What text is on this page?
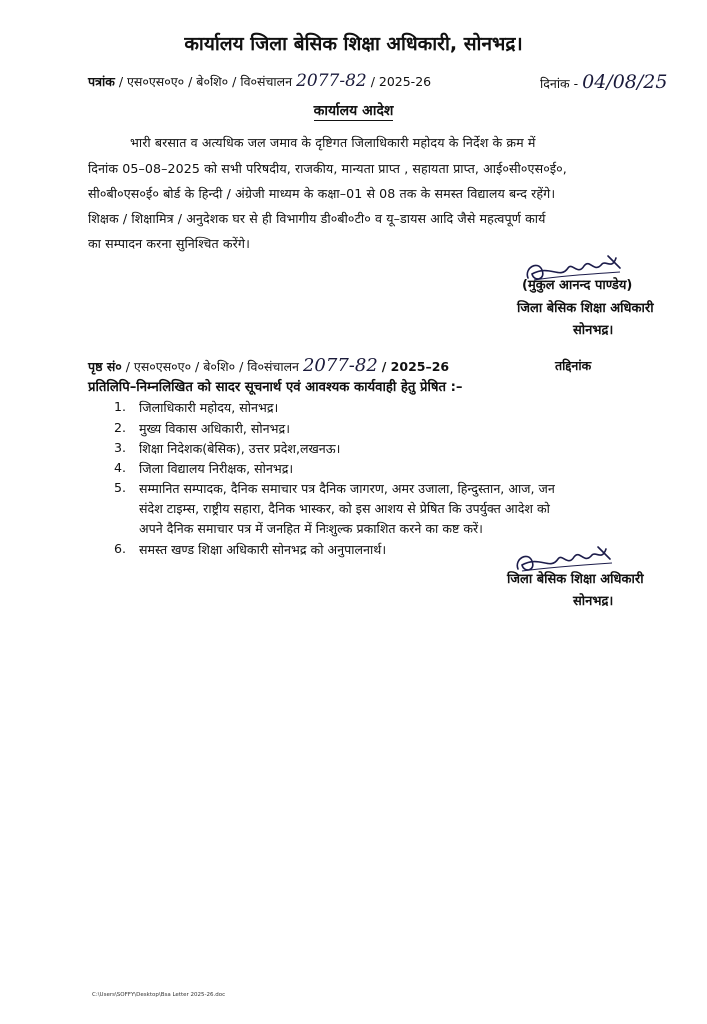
कार्यालय जिला बेसिक शिक्षा अधिकारी, सोनभद्र।
पत्रांक / एस०एस०ए० / बे०शि० / वि०संचालन 2077-82 / 2025-26	दिनांक - 04/08/25
कार्यालय आदेश
भारी बरसात व अत्यधिक जल जमाव के दृष्टिगत जिलाधिकारी महोदय के निर्देश के क्रम में
दिनांक 05–08–2025 को सभी परिषदीय, राजकीय, मान्यता प्राप्त , सहायता प्राप्त, आई०सी०एस०ई०,
सी०बी०एस०ई० बोर्ड के हिन्दी / अंग्रेजी माध्यम के कक्षा–01 से 08 तक के समस्त विद्यालय बन्द रहेंगे।
शिक्षक / शिक्षामित्र / अनुदेशक घर से ही विभागीय डी०बी०टी० व यू–डायस आदि जैसे महत्वपूर्ण कार्य
का सम्पादन करना सुनिश्चित करेंगे।
(मुकुल आनन्द पाण्डेय)
जिला बेसिक शिक्षा अधिकारी
सोनभद्र।
पृष्ठ सं० / एस०एस०ए० / बे०शि० / वि०संचालन 2077-82 / 2025–26	तद्दिनांक
प्रतिलिपि–निम्नलिखित को सादर सूचनार्थ एवं आवश्यक कार्यवाही हेतु प्रेषित :–
1. जिलाधिकारी महोदय, सोनभद्र।
2. मुख्य विकास अधिकारी, सोनभद्र।
3. शिक्षा निदेशक(बेसिक), उत्तर प्रदेश,लखनऊ।
4. जिला विद्यालय निरीक्षक, सोनभद्र।
5. सम्मानित सम्पादक, दैनिक समाचार पत्र दैनिक जागरण, अमर उजाला, हिन्दुस्तान, आज, जन
संदेश टाइम्स, राष्ट्रीय सहारा, दैनिक भास्कर, को इस आशय से प्रेषित कि उपर्युक्त आदेश को
अपने दैनिक समाचार पत्र में जनहित में निःशुल्क प्रकाशित करने का कष्ट करें।
6. समस्त खण्ड शिक्षा अधिकारी सोनभद्र को अनुपालनार्थ।
जिला बेसिक शिक्षा अधिकारी
सोनभद्र।
C:\Users\SOFFY\Desktop\Bsa Letter 2025-26.doc
